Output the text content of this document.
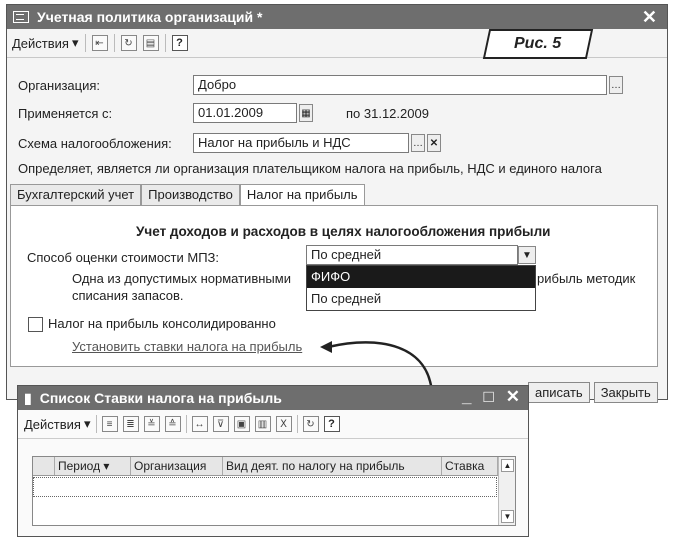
Учетная политика организаций *	✕
Действия ▾	⇤	↻	▤	?	Рис. 5
Организация:	Добро	…
Применяется с:	01.01.2009	▦	по 31.12.2009
Схема налогообложения:	Налог на прибыль и НДС	… ✕
Определяет, является ли организация плательщиком налога на прибыль, НДС и единого налога
Бухгалтерский учет	Производство	Налог на прибыль
Учет доходов и расходов в целях налогообложения прибыли
Способ оценки стоимости МПЗ:	По средней	▼
Одна из допустимых нормативными	рибыль методик
списания запасов.
ФИФО
По средней
Налог на прибыль консолидированно
Установить ставки налога на прибыль
аписать	Закрыть
▮ Список Ставки налога на прибыль	_ □ ✕
Действия ▾	≡	≣	≚	≙	↔	⊽	▣	▥	Ⅹ	↻	?
Период ▾	Организация	Вид деят. по налогу на прибыль	Ставка	▲
▼
